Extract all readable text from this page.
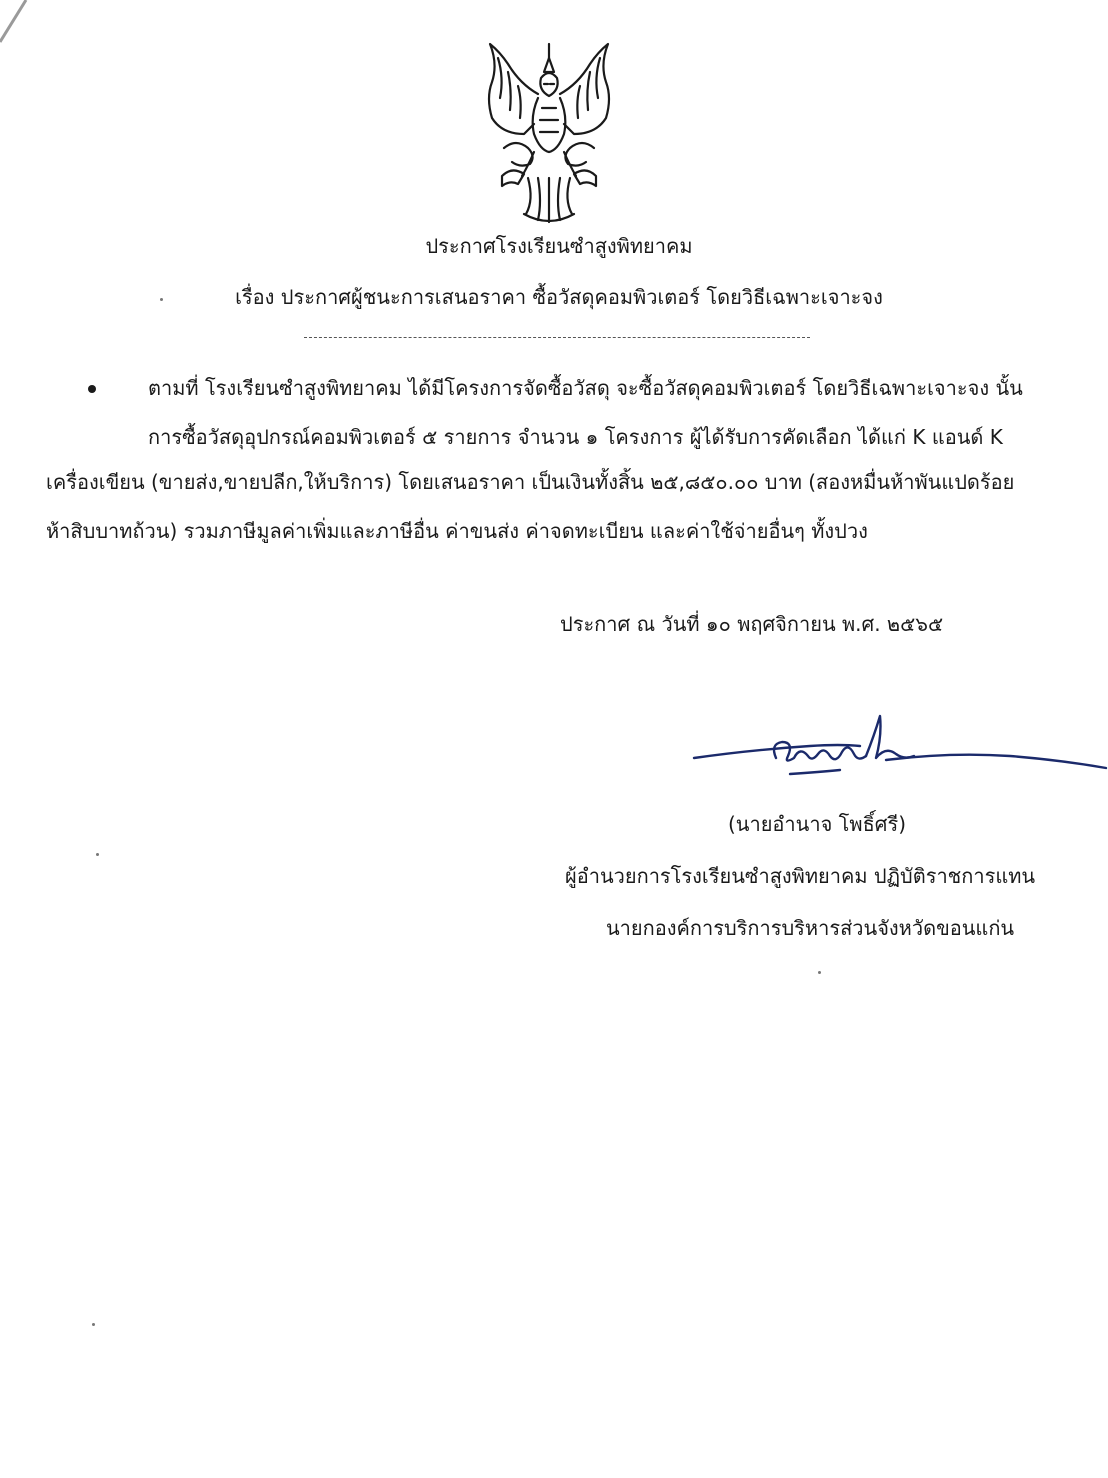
ประกาศโรงเรียนซำสูงพิทยาคม
เรื่อง ประกาศผู้ชนะการเสนอราคา ซื้อวัสดุคอมพิวเตอร์ โดยวิธีเฉพาะเจาะจง
ตามที่ โรงเรียนซำสูงพิทยาคม ได้มีโครงการจัดซื้อวัสดุ จะซื้อวัสดุคอมพิวเตอร์ โดยวิธีเฉพาะเจาะจง นั้น
การซื้อวัสดุอุปกรณ์คอมพิวเตอร์ ๕ รายการ จำนวน ๑ โครงการ ผู้ได้รับการคัดเลือก ได้แก่ K แอนด์ K
เครื่องเขียน (ขายส่ง,ขายปลีก,ให้บริการ) โดยเสนอราคา เป็นเงินทั้งสิ้น ๒๕,๘๕๐.๐๐ บาท (สองหมื่นห้าพันแปดร้อย
ห้าสิบบาทถ้วน) รวมภาษีมูลค่าเพิ่มและภาษีอื่น ค่าขนส่ง ค่าจดทะเบียน และค่าใช้จ่ายอื่นๆ ทั้งปวง
ประกาศ ณ วันที่ ๑๐ พฤศจิกายน พ.ศ. ๒๕๖๕
(นายอำนาจ โพธิ์ศรี)
ผู้อำนวยการโรงเรียนซำสูงพิทยาคม ปฏิบัติราชการแทน
นายกองค์การบริการบริหารส่วนจังหวัดขอนแก่น
